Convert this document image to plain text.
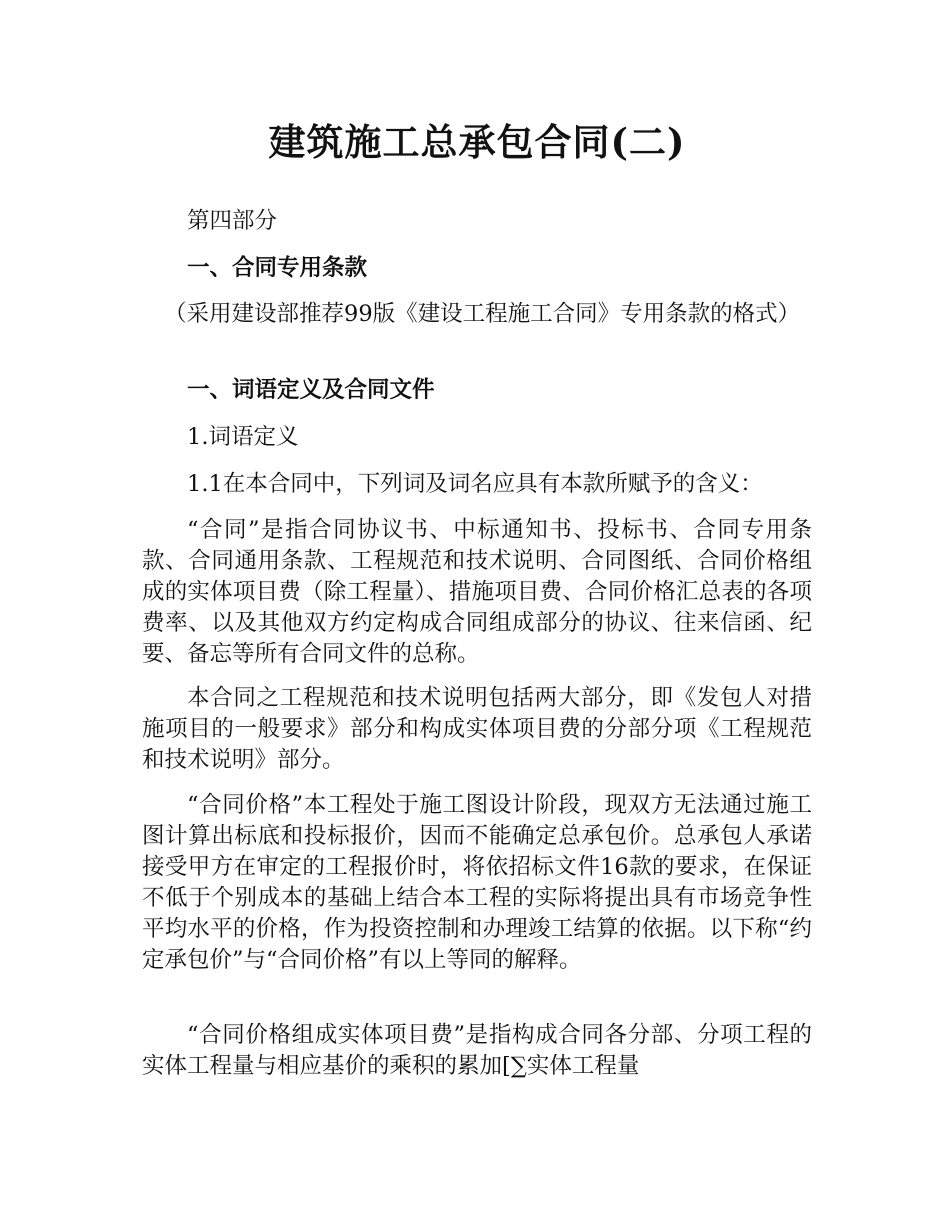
建筑施工总承包合同(二)

第四部分

一、合同专用条款

（采用建设部推荐99版《建设工程施工合同》专用条款的格式）

一、词语定义及合同文件

1.词语定义

1.1在本合同中，下列词及词名应具有本款所赋予的含义：

“合同”是指合同协议书、中标通知书、投标书、合同专用条款、合同通用条款、工程规范和技术说明、合同图纸、合同价格组成的实体项目费（除工程量）、措施项目费、合同价格汇总表的各项费率、以及其他双方约定构成合同组成部分的协议、往来信函、纪要、备忘等所有合同文件的总称。

本合同之工程规范和技术说明包括两大部分，即《发包人对措施项目的一般要求》部分和构成实体项目费的分部分项《工程规范和技术说明》部分。

“合同价格”本工程处于施工图设计阶段，现双方无法通过施工图计算出标底和投标报价，因而不能确定总承包价。总承包人承诺接受甲方在审定的工程报价时，将依招标文件16款的要求，在保证不低于个别成本的基础上结合本工程的实际将提出具有市场竞争性平均水平的价格，作为投资控制和办理竣工结算的依据。以下称“约定承包价”与“合同价格”有以上等同的解释。

“合同价格组成实体项目费”是指构成合同各分部、分项工程的实体工程量与相应基价的乘积的累加[∑实体工程量
